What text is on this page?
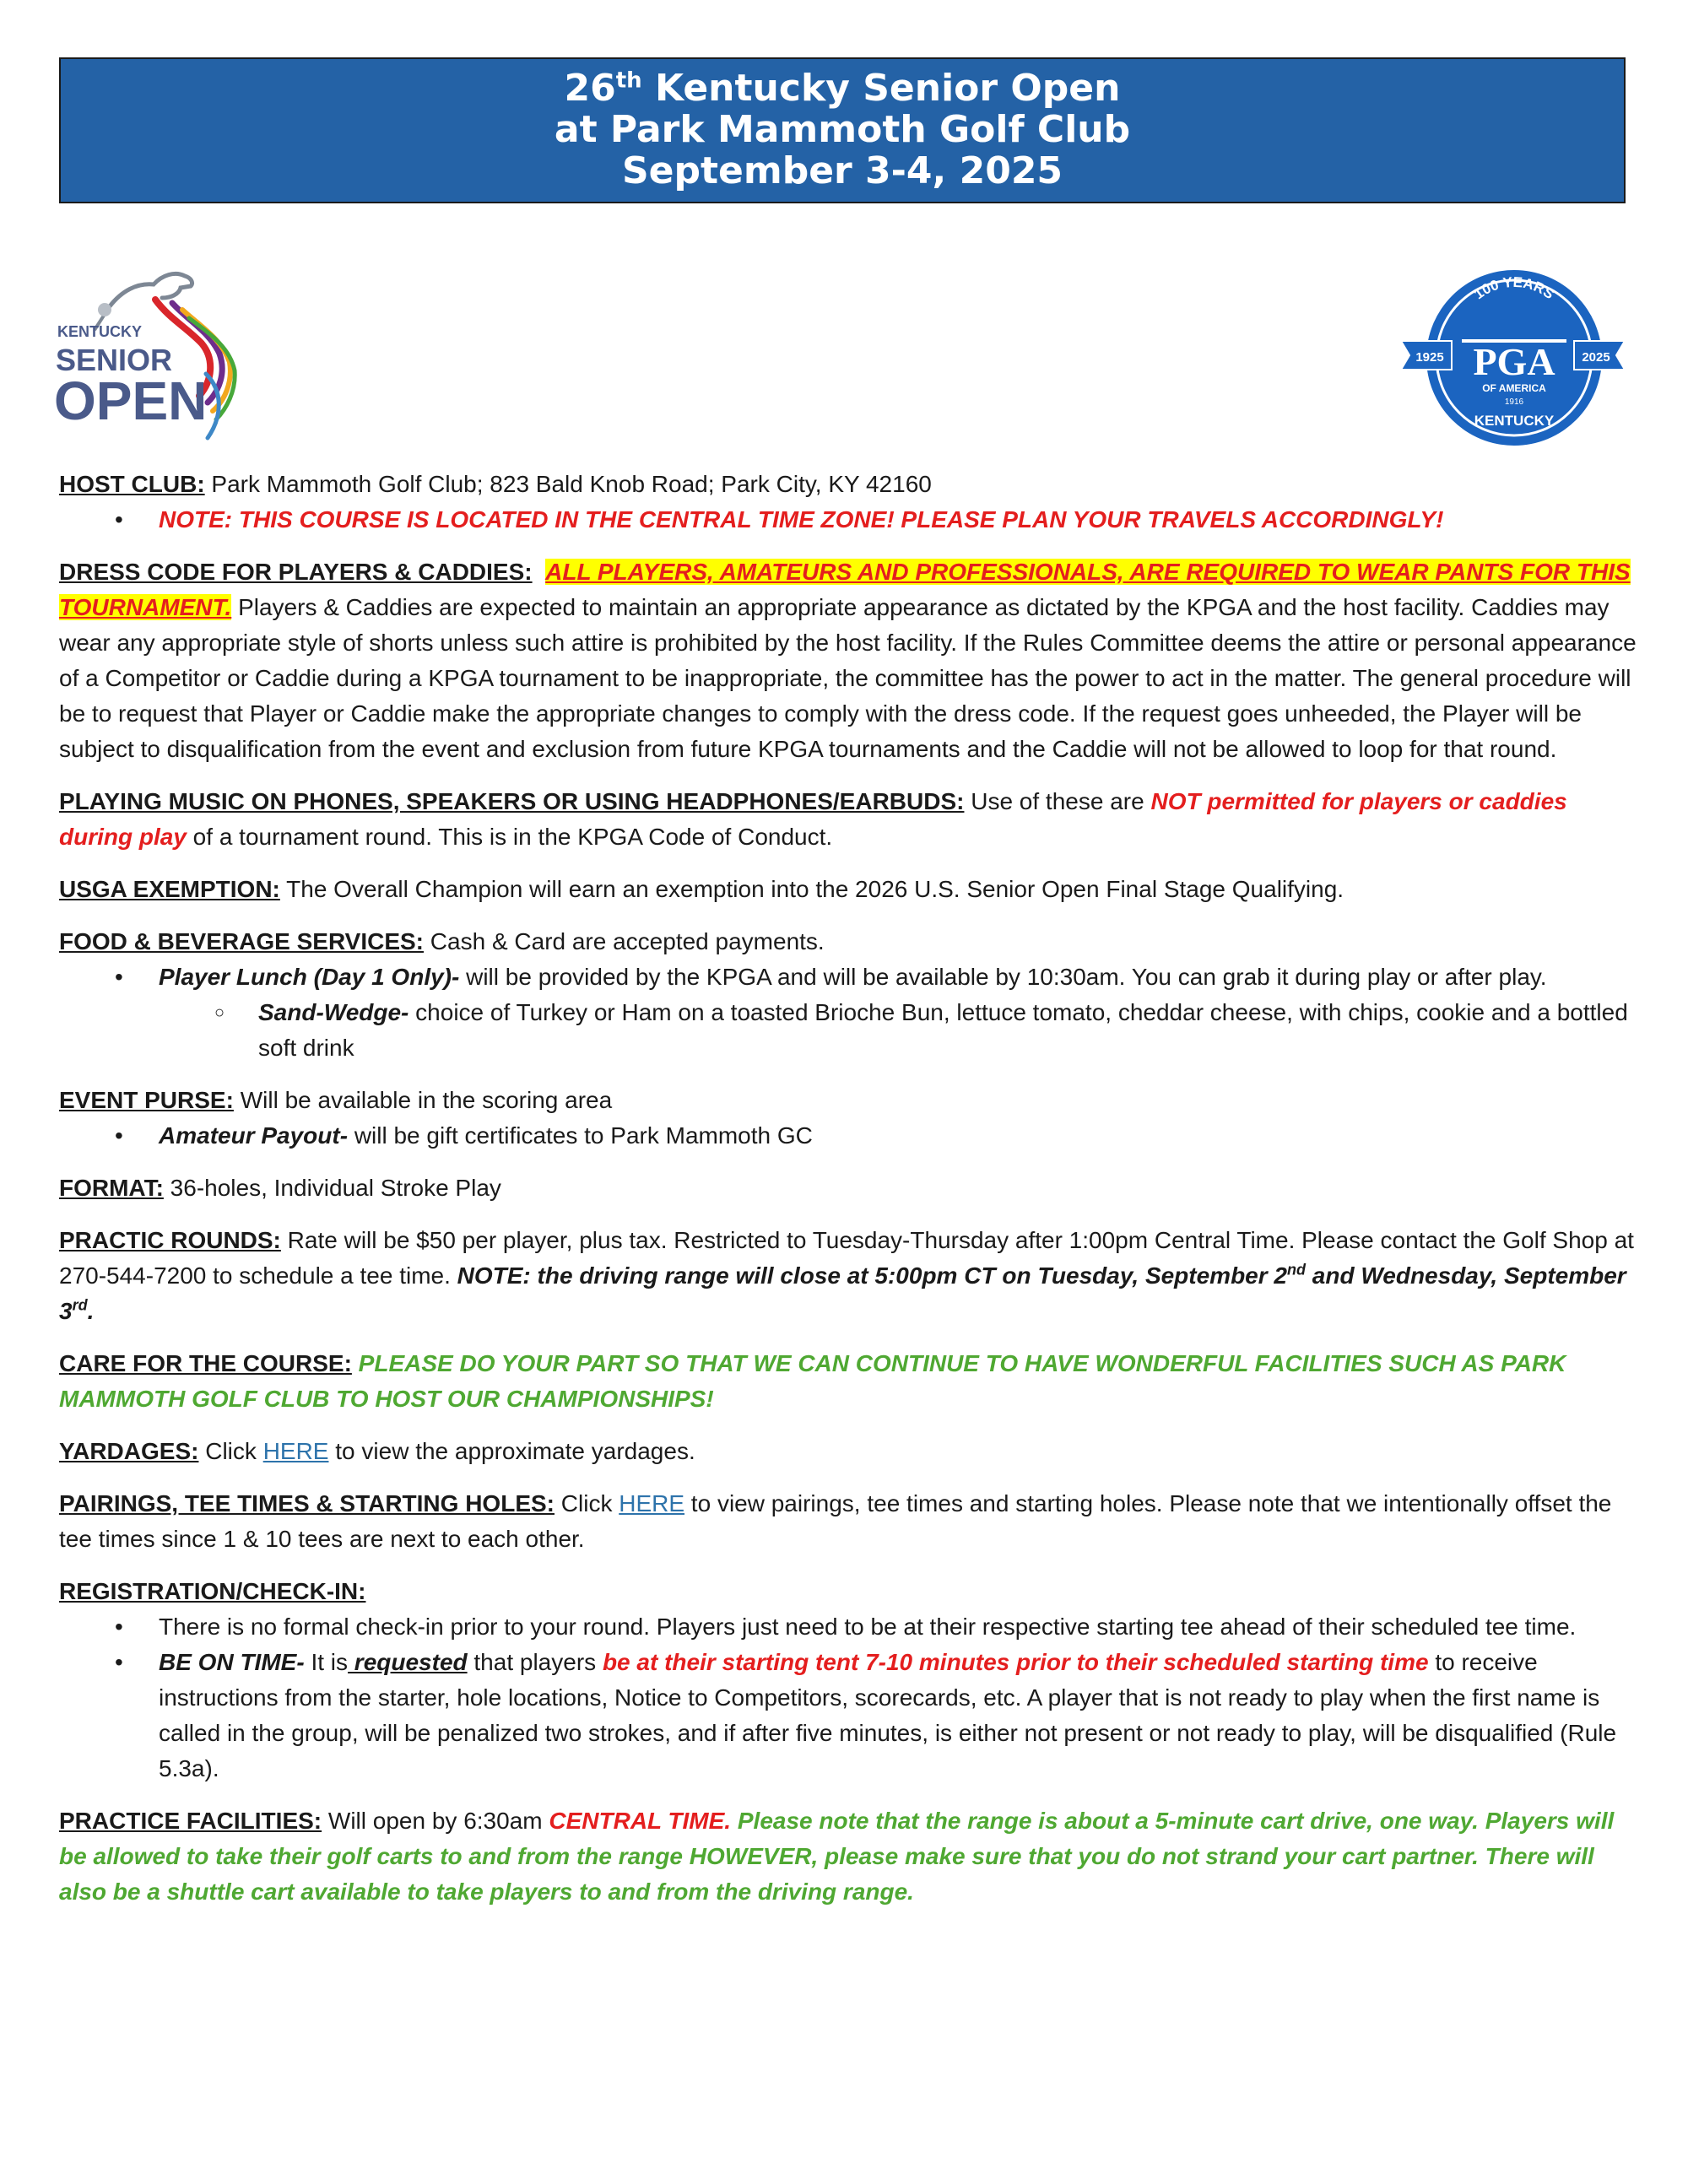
26th Kentucky Senior Open
at Park Mammoth Golf Club
September 3-4, 2025
KENTUCKY
SENIOR
OPEN
1925	2025
100 YEARS
PGA
OF AMERICA
1916
KENTUCKY
HOST CLUB: Park Mammoth Golf Club; 823 Bald Knob Road; Park City, KY 42160
• NOTE: THIS COURSE IS LOCATED IN THE CENTRAL TIME ZONE! PLEASE PLAN YOUR TRAVELS ACCORDINGLY!
DRESS CODE FOR PLAYERS & CADDIES: ALL PLAYERS, AMATEURS AND PROFESSIONALS, ARE REQUIRED TO WEAR PANTS FOR THIS TOURNAMENT. Players & Caddies are expected to maintain an appropriate appearance as dictated by the KPGA and the host facility. Caddies may wear any appropriate style of shorts unless such attire is prohibited by the host facility. If the Rules Committee deems the attire or personal appearance of a Competitor or Caddie during a KPGA tournament to be inappropriate, the committee has the power to act in the matter. The general procedure will be to request that Player or Caddie make the appropriate changes to comply with the dress code. If the request goes unheeded, the Player will be subject to disqualification from the event and exclusion from future KPGA tournaments and the Caddie will not be allowed to loop for that round.
PLAYING MUSIC ON PHONES, SPEAKERS OR USING HEADPHONES/EARBUDS: Use of these are NOT permitted for players or caddies during play of a tournament round. This is in the KPGA Code of Conduct.
USGA EXEMPTION: The Overall Champion will earn an exemption into the 2026 U.S. Senior Open Final Stage Qualifying.
FOOD & BEVERAGE SERVICES: Cash & Card are accepted payments.
• Player Lunch (Day 1 Only)- will be provided by the KPGA and will be available by 10:30am. You can grab it during play or after play.
○ Sand-Wedge- choice of Turkey or Ham on a toasted Brioche Bun, lettuce tomato, cheddar cheese, with chips, cookie and a bottled soft drink
EVENT PURSE: Will be available in the scoring area
• Amateur Payout- will be gift certificates to Park Mammoth GC
FORMAT: 36-holes, Individual Stroke Play
PRACTIC ROUNDS: Rate will be $50 per player, plus tax. Restricted to Tuesday-Thursday after 1:00pm Central Time. Please contact the Golf Shop at 270-544-7200 to schedule a tee time. NOTE: the driving range will close at 5:00pm CT on Tuesday, September 2nd and Wednesday, September 3rd.
CARE FOR THE COURSE: PLEASE DO YOUR PART SO THAT WE CAN CONTINUE TO HAVE WONDERFUL FACILITIES SUCH AS PARK MAMMOTH GOLF CLUB TO HOST OUR CHAMPIONSHIPS!
YARDAGES: Click HERE to view the approximate yardages.
PAIRINGS, TEE TIMES & STARTING HOLES: Click HERE to view pairings, tee times and starting holes. Please note that we intentionally offset the tee times since 1 & 10 tees are next to each other.
REGISTRATION/CHECK-IN:
• There is no formal check-in prior to your round. Players just need to be at their respective starting tee ahead of their scheduled tee time.
• BE ON TIME- It is requested that players be at their starting tent 7-10 minutes prior to their scheduled starting time to receive instructions from the starter, hole locations, Notice to Competitors, scorecards, etc. A player that is not ready to play when the first name is called in the group, will be penalized two strokes, and if after five minutes, is either not present or not ready to play, will be disqualified (Rule 5.3a).
PRACTICE FACILITIES: Will open by 6:30am CENTRAL TIME. Please note that the range is about a 5-minute cart drive, one way. Players will be allowed to take their golf carts to and from the range HOWEVER, please make sure that you do not strand your cart partner. There will also be a shuttle cart available to take players to and from the driving range.
